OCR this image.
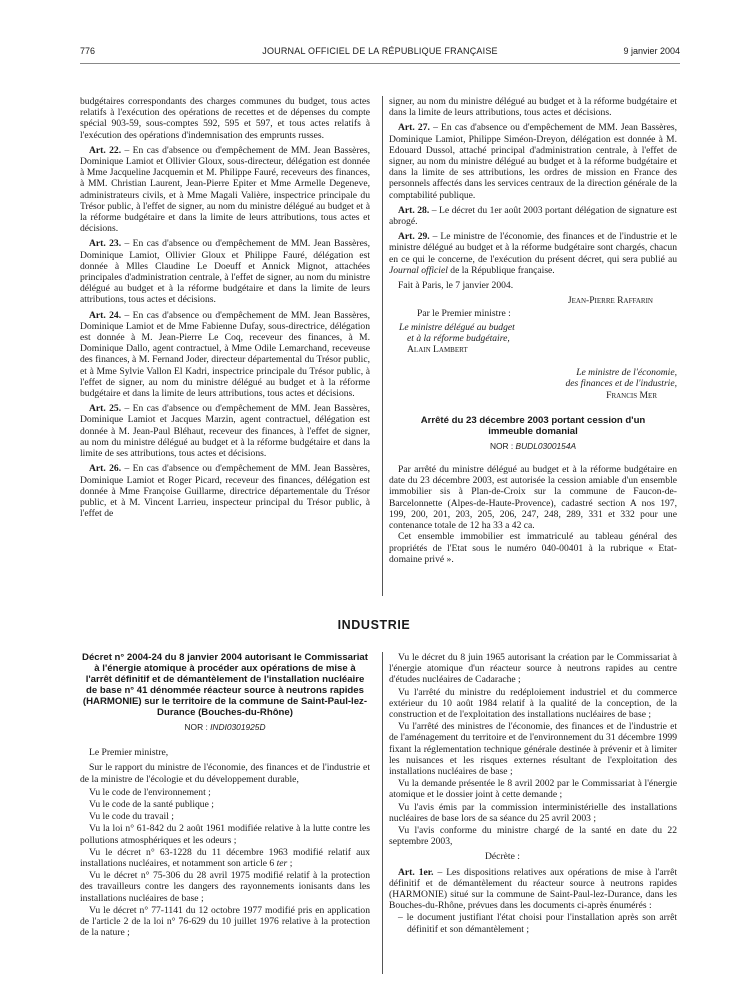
776	JOURNAL OFFICIEL DE LA RÉPUBLIQUE FRANÇAISE	9 janvier 2004

budgétaires correspondants des charges communes du budget, tous actes relatifs à l'exécution des opérations de recettes et de dépenses du compte spécial 903-59, sous-comptes 592, 595 et 597, et tous actes relatifs à l'exécution des opérations d'indemnisation des emprunts russes.

Art. 22. – En cas d'absence ou d'empêchement de MM. Jean Bassères, Dominique Lamiot et Ollivier Gloux, sous-directeur, délégation est donnée à Mme Jacqueline Jacquemin et M. Philippe Fauré, receveurs des finances, à MM. Christian Laurent, Jean-Pierre Epiter et Mme Armelle Degeneve, administrateurs civils, et à Mme Magali Valière, inspectrice principale du Trésor public, à l'effet de signer, au nom du ministre délégué au budget et à la réforme budgétaire et dans la limite de leurs attributions, tous actes et décisions.

Art. 23. – En cas d'absence ou d'empêchement de MM. Jean Bassères, Dominique Lamiot, Ollivier Gloux et Philippe Fauré, délégation est donnée à Mlles Claudine Le Doeuff et Annick Mignot, attachées principales d'administration centrale, à l'effet de signer, au nom du ministre délégué au budget et à la réforme budgétaire et dans la limite de leurs attributions, tous actes et décisions.

Art. 24. – En cas d'absence ou d'empêchement de MM. Jean Bassères, Dominique Lamiot et de Mme Fabienne Dufay, sous-directrice, délégation est donnée à M. Jean-Pierre Le Coq, receveur des finances, à M. Dominique Dallo, agent contractuel, à Mme Odile Lemarchand, receveuse des finances, à M. Fernand Joder, directeur départemental du Trésor public, et à Mme Sylvie Vallon El Kadri, inspectrice principale du Trésor public, à l'effet de signer, au nom du ministre délégué au budget et à la réforme budgétaire et dans la limite de leurs attributions, tous actes et décisions.

Art. 25. – En cas d'absence ou d'empêchement de MM. Jean Bassères, Dominique Lamiot et Jacques Marzin, agent contractuel, délégation est donnée à M. Jean-Paul Bléhaut, receveur des finances, à l'effet de signer, au nom du ministre délégué au budget et à la réforme budgétaire et dans la limite de ses attributions, tous actes et décisions.

Art. 26. – En cas d'absence ou d'empêchement de MM. Jean Bassères, Dominique Lamiot et Roger Picard, receveur des finances, délégation est donnée à Mme Françoise Guillarme, directrice départementale du Trésor public, et à M. Vincent Larrieu, inspecteur principal du Trésor public, à l'effet de

signer, au nom du ministre délégué au budget et à la réforme budgétaire et dans la limite de leurs attributions, tous actes et décisions.

Art. 27. – En cas d'absence ou d'empêchement de MM. Jean Bassères, Dominique Lamiot, Philippe Siméon-Dreyon, délégation est donnée à M. Edouard Dussol, attaché principal d'administration centrale, à l'effet de signer, au nom du ministre délégué au budget et à la réforme budgétaire et dans la limite de ses attributions, les ordres de mission en France des personnels affectés dans les services centraux de la direction générale de la comptabilité publique.

Art. 28. – Le décret du 1er août 2003 portant délégation de signature est abrogé.

Art. 29. – Le ministre de l'économie, des finances et de l'industrie et le ministre délégué au budget et à la réforme budgétaire sont chargés, chacun en ce qui le concerne, de l'exécution du présent décret, qui sera publié au Journal officiel de la République française.

Fait à Paris, le 7 janvier 2004.

Jean-Pierre Raffarin
Par le Premier ministre :
Le ministre délégué au budget
et à la réforme budgétaire,
Alain Lambert
Le ministre de l'économie,
des finances et de l'industrie,
Francis Mer
Arrêté du 23 décembre 2003 portant cession d'un immeuble domanial
NOR : BUDL0300154A

Par arrêté du ministre délégué au budget et à la réforme budgétaire en date du 23 décembre 2003, est autorisée la cession amiable d'un ensemble immobilier sis à Plan-de-Croix sur la commune de Faucon-de-Barcelonnette (Alpes-de-Haute-Provence), cadastré section A nos 197, 199, 200, 201, 203, 205, 206, 247, 248, 289, 331 et 332 pour une contenance totale de 12 ha 33 a 42 ca.

Cet ensemble immobilier est immatriculé au tableau général des propriétés de l'Etat sous le numéro 040-00401 à la rubrique « Etat-domaine privé ».

INDUSTRIE
Décret n° 2004-24 du 8 janvier 2004 autorisant le Commissariat à l'énergie atomique à procéder aux opérations de mise à l'arrêt définitif et de démantèlement de l'installation nucléaire de base n° 41 dénommée réacteur source à neutrons rapides (HARMONIE) sur le territoire de la commune de Saint-Paul-lez-Durance (Bouches-du-Rhône)
NOR : INDI0301925D

Le Premier ministre,

Sur le rapport du ministre de l'économie, des finances et de l'industrie et de la ministre de l'écologie et du développement durable,

Vu le code de l'environnement ;

Vu le code de la santé publique ;

Vu le code du travail ;

Vu la loi n° 61-842 du 2 août 1961 modifiée relative à la lutte contre les pollutions atmosphériques et les odeurs ;

Vu le décret n° 63-1228 du 11 décembre 1963 modifié relatif aux installations nucléaires, et notamment son article 6 ter ;

Vu le décret n° 75-306 du 28 avril 1975 modifié relatif à la protection des travailleurs contre les dangers des rayonnements ionisants dans les installations nucléaires de base ;

Vu le décret n° 77-1141 du 12 octobre 1977 modifié pris en application de l'article 2 de la loi n° 76-629 du 10 juillet 1976 relative à la protection de la nature ;

Vu le décret du 8 juin 1965 autorisant la création par le Commissariat à l'énergie atomique d'un réacteur source à neutrons rapides au centre d'études nucléaires de Cadarache ;

Vu l'arrêté du ministre du redéploiement industriel et du commerce extérieur du 10 août 1984 relatif à la qualité de la conception, de la construction et de l'exploitation des installations nucléaires de base ;

Vu l'arrêté des ministres de l'économie, des finances et de l'industrie et de l'aménagement du territoire et de l'environnement du 31 décembre 1999 fixant la réglementation technique générale destinée à prévenir et à limiter les nuisances et les risques externes résultant de l'exploitation des installations nucléaires de base ;

Vu la demande présentée le 8 avril 2002 par le Commissariat à l'énergie atomique et le dossier joint à cette demande ;

Vu l'avis émis par la commission interministérielle des installations nucléaires de base lors de sa séance du 25 avril 2003 ;

Vu l'avis conforme du ministre chargé de la santé en date du 22 septembre 2003,

Décrète :

Art. 1er. – Les dispositions relatives aux opérations de mise à l'arrêt définitif et de démantèlement du réacteur source à neutrons rapides (HARMONIE) situé sur la commune de Saint-Paul-lez-Durance, dans les Bouches-du-Rhône, prévues dans les documents ci-après énumérés :

– le document justifiant l'état choisi pour l'installation après son arrêt définitif et son démantèlement ;
